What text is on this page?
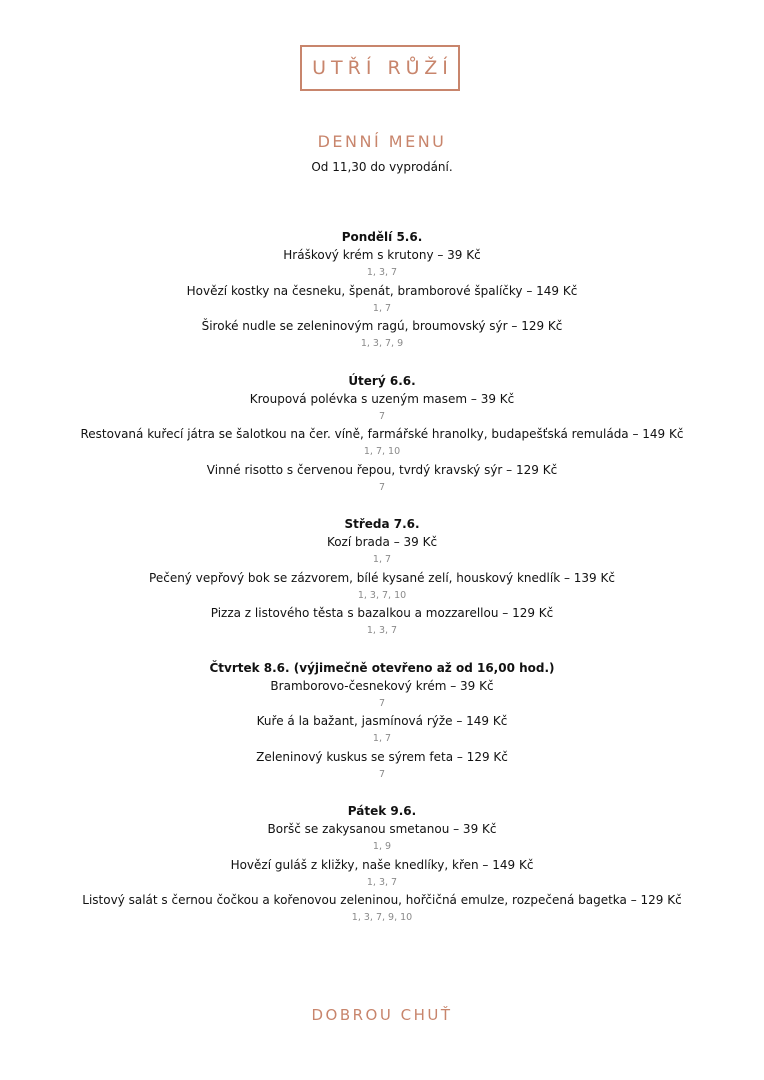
UTŘÍ RŮŽÍ
DENNÍ MENU
Od 11,30 do vyprodání.
Pondělí 5.6.
Hráškový krém s krutony – 39 Kč
1, 3, 7
Hovězí kostky na česneku, špenát, bramborové špalíčky – 149 Kč
1, 7
Široké nudle se zeleninovým ragú, broumovský sýr – 129 Kč
1, 3, 7, 9
Úterý 6.6.
Kroupová polévka s uzeným masem – 39 Kč
7
Restovaná kuřecí játra se šalotkou na čer. víně, farmářské hranolky, budapešťská remuláda – 149 Kč
1, 7, 10
Vinné risotto s červenou řepou, tvrdý kravský sýr – 129 Kč
7
Středa 7.6.
Kozí brada – 39 Kč
1, 7
Pečený vepřový bok se zázvorem, bílé kysané zelí, houskový knedlík – 139 Kč
1, 3, 7, 10
Pizza z listového těsta s bazalkou a mozzarellou – 129 Kč
1, 3, 7
Čtvrtek 8.6. (výjimečně otevřeno až od 16,00 hod.)
Bramborovo-česnekový krém – 39 Kč
7
Kuře á la bažant, jasmínová rýže – 149 Kč
1, 7
Zeleninový kuskus se sýrem feta – 129 Kč
7
Pátek 9.6.
Boršč se zakysanou smetanou – 39 Kč
1, 9
Hovězí guláš z kližky, naše knedlíky, křen – 149 Kč
1, 3, 7
Listový salát s černou čočkou a kořenovou zeleninou, hořčičná emulze, rozpečená bagetka – 129 Kč
1, 3, 7, 9, 10
DOBROU CHUŤ
